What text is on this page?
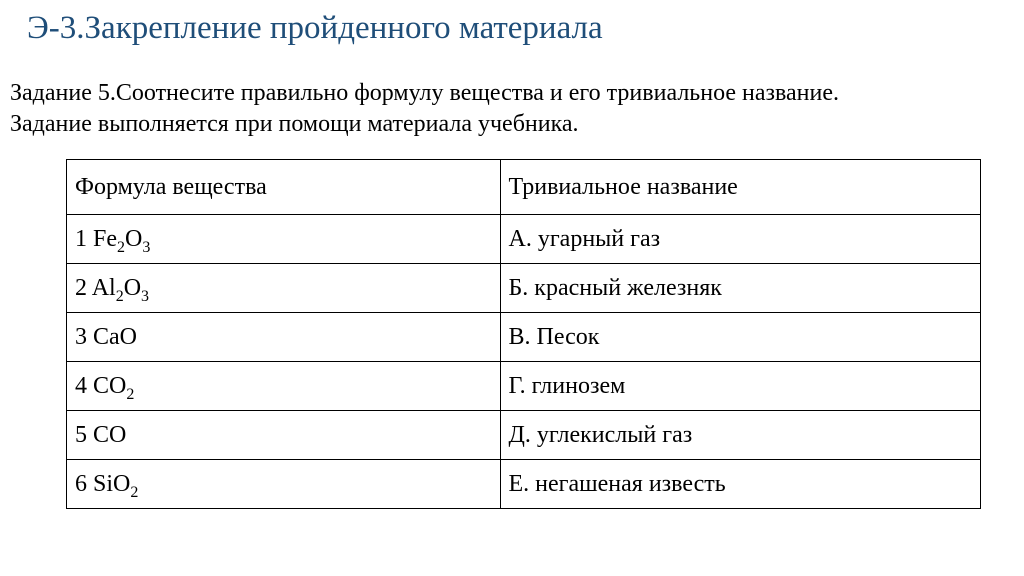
Э-3.Закрепление пройденного материала

Задание 5.Соотнесите правильно формулу вещества и его тривиальное название.

Задание выполняется при помощи материала учебника.

Формула вещества	Тривиальное название
1 $Fe_2O_3$	А. угарный газ
2 $Al_2O_3$	Б. красный железняк
3 CaO	В. Песок
4 $CO_2$	Г. глинозем
5 CO	Д. углекислый газ
6 SiO$_2$	Е. негашеная известь
